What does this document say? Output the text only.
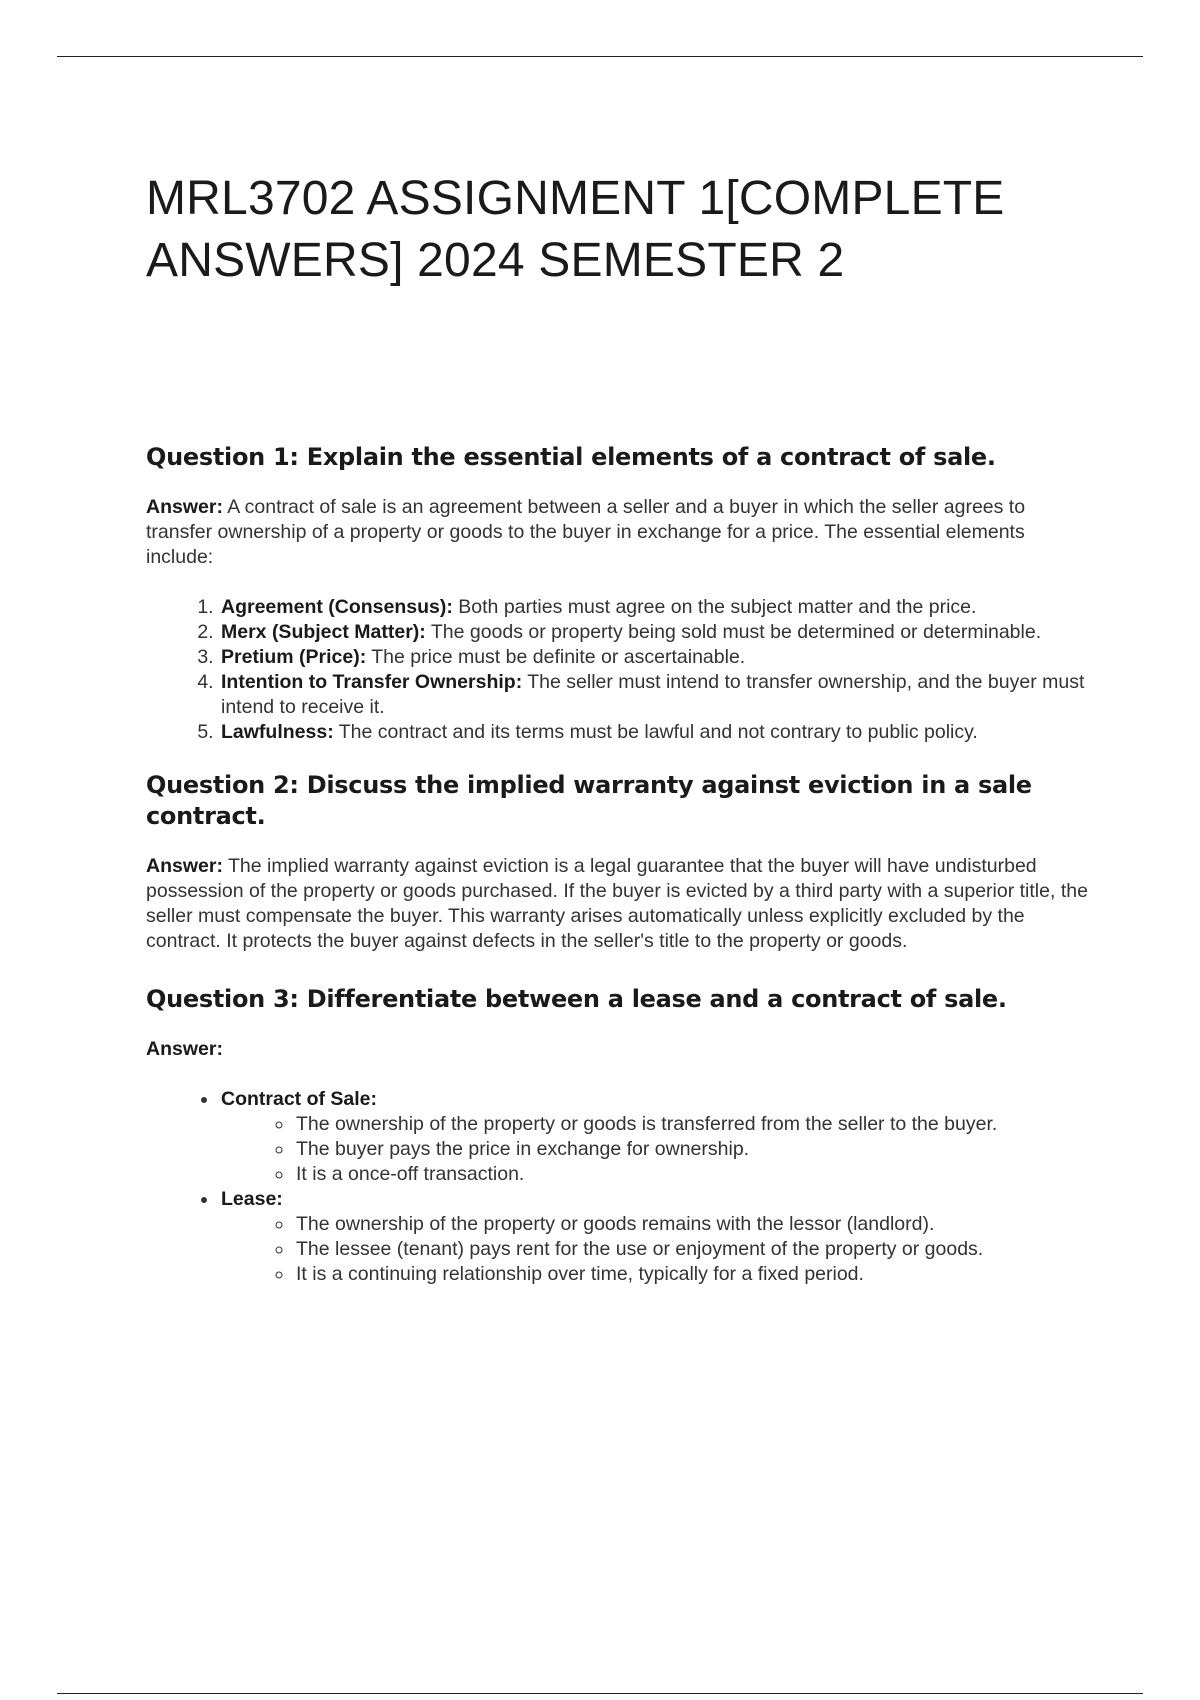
MRL3702 ASSIGNMENT 1[COMPLETE ANSWERS] 2024 SEMESTER 2
Question 1: Explain the essential elements of a contract of sale.

Answer: A contract of sale is an agreement between a seller and a buyer in which the seller agrees to transfer ownership of a property or goods to the buyer in exchange for a price. The essential elements include:

1. Agreement (Consensus): Both parties must agree on the subject matter and the price.
2. Merx (Subject Matter): The goods or property being sold must be determined or determinable.
3. Pretium (Price): The price must be definite or ascertainable.
4. Intention to Transfer Ownership: The seller must intend to transfer ownership, and the buyer must intend to receive it.
5. Lawfulness: The contract and its terms must be lawful and not contrary to public policy.
Question 2: Discuss the implied warranty against eviction in a sale contract.

Answer: The implied warranty against eviction is a legal guarantee that the buyer will have undisturbed possession of the property or goods purchased. If the buyer is evicted by a third party with a superior title, the seller must compensate the buyer. This warranty arises automatically unless explicitly excluded by the contract. It protects the buyer against defects in the seller's title to the property or goods.

Question 3: Differentiate between a lease and a contract of sale.

Answer:

• Contract of Sale:
◦ The ownership of the property or goods is transferred from the seller to the buyer.
◦ The buyer pays the price in exchange for ownership.
◦ It is a once-off transaction.
• Lease:
◦ The ownership of the property or goods remains with the lessor (landlord).
◦ The lessee (tenant) pays rent for the use or enjoyment of the property or goods.
◦ It is a continuing relationship over time, typically for a fixed period.
